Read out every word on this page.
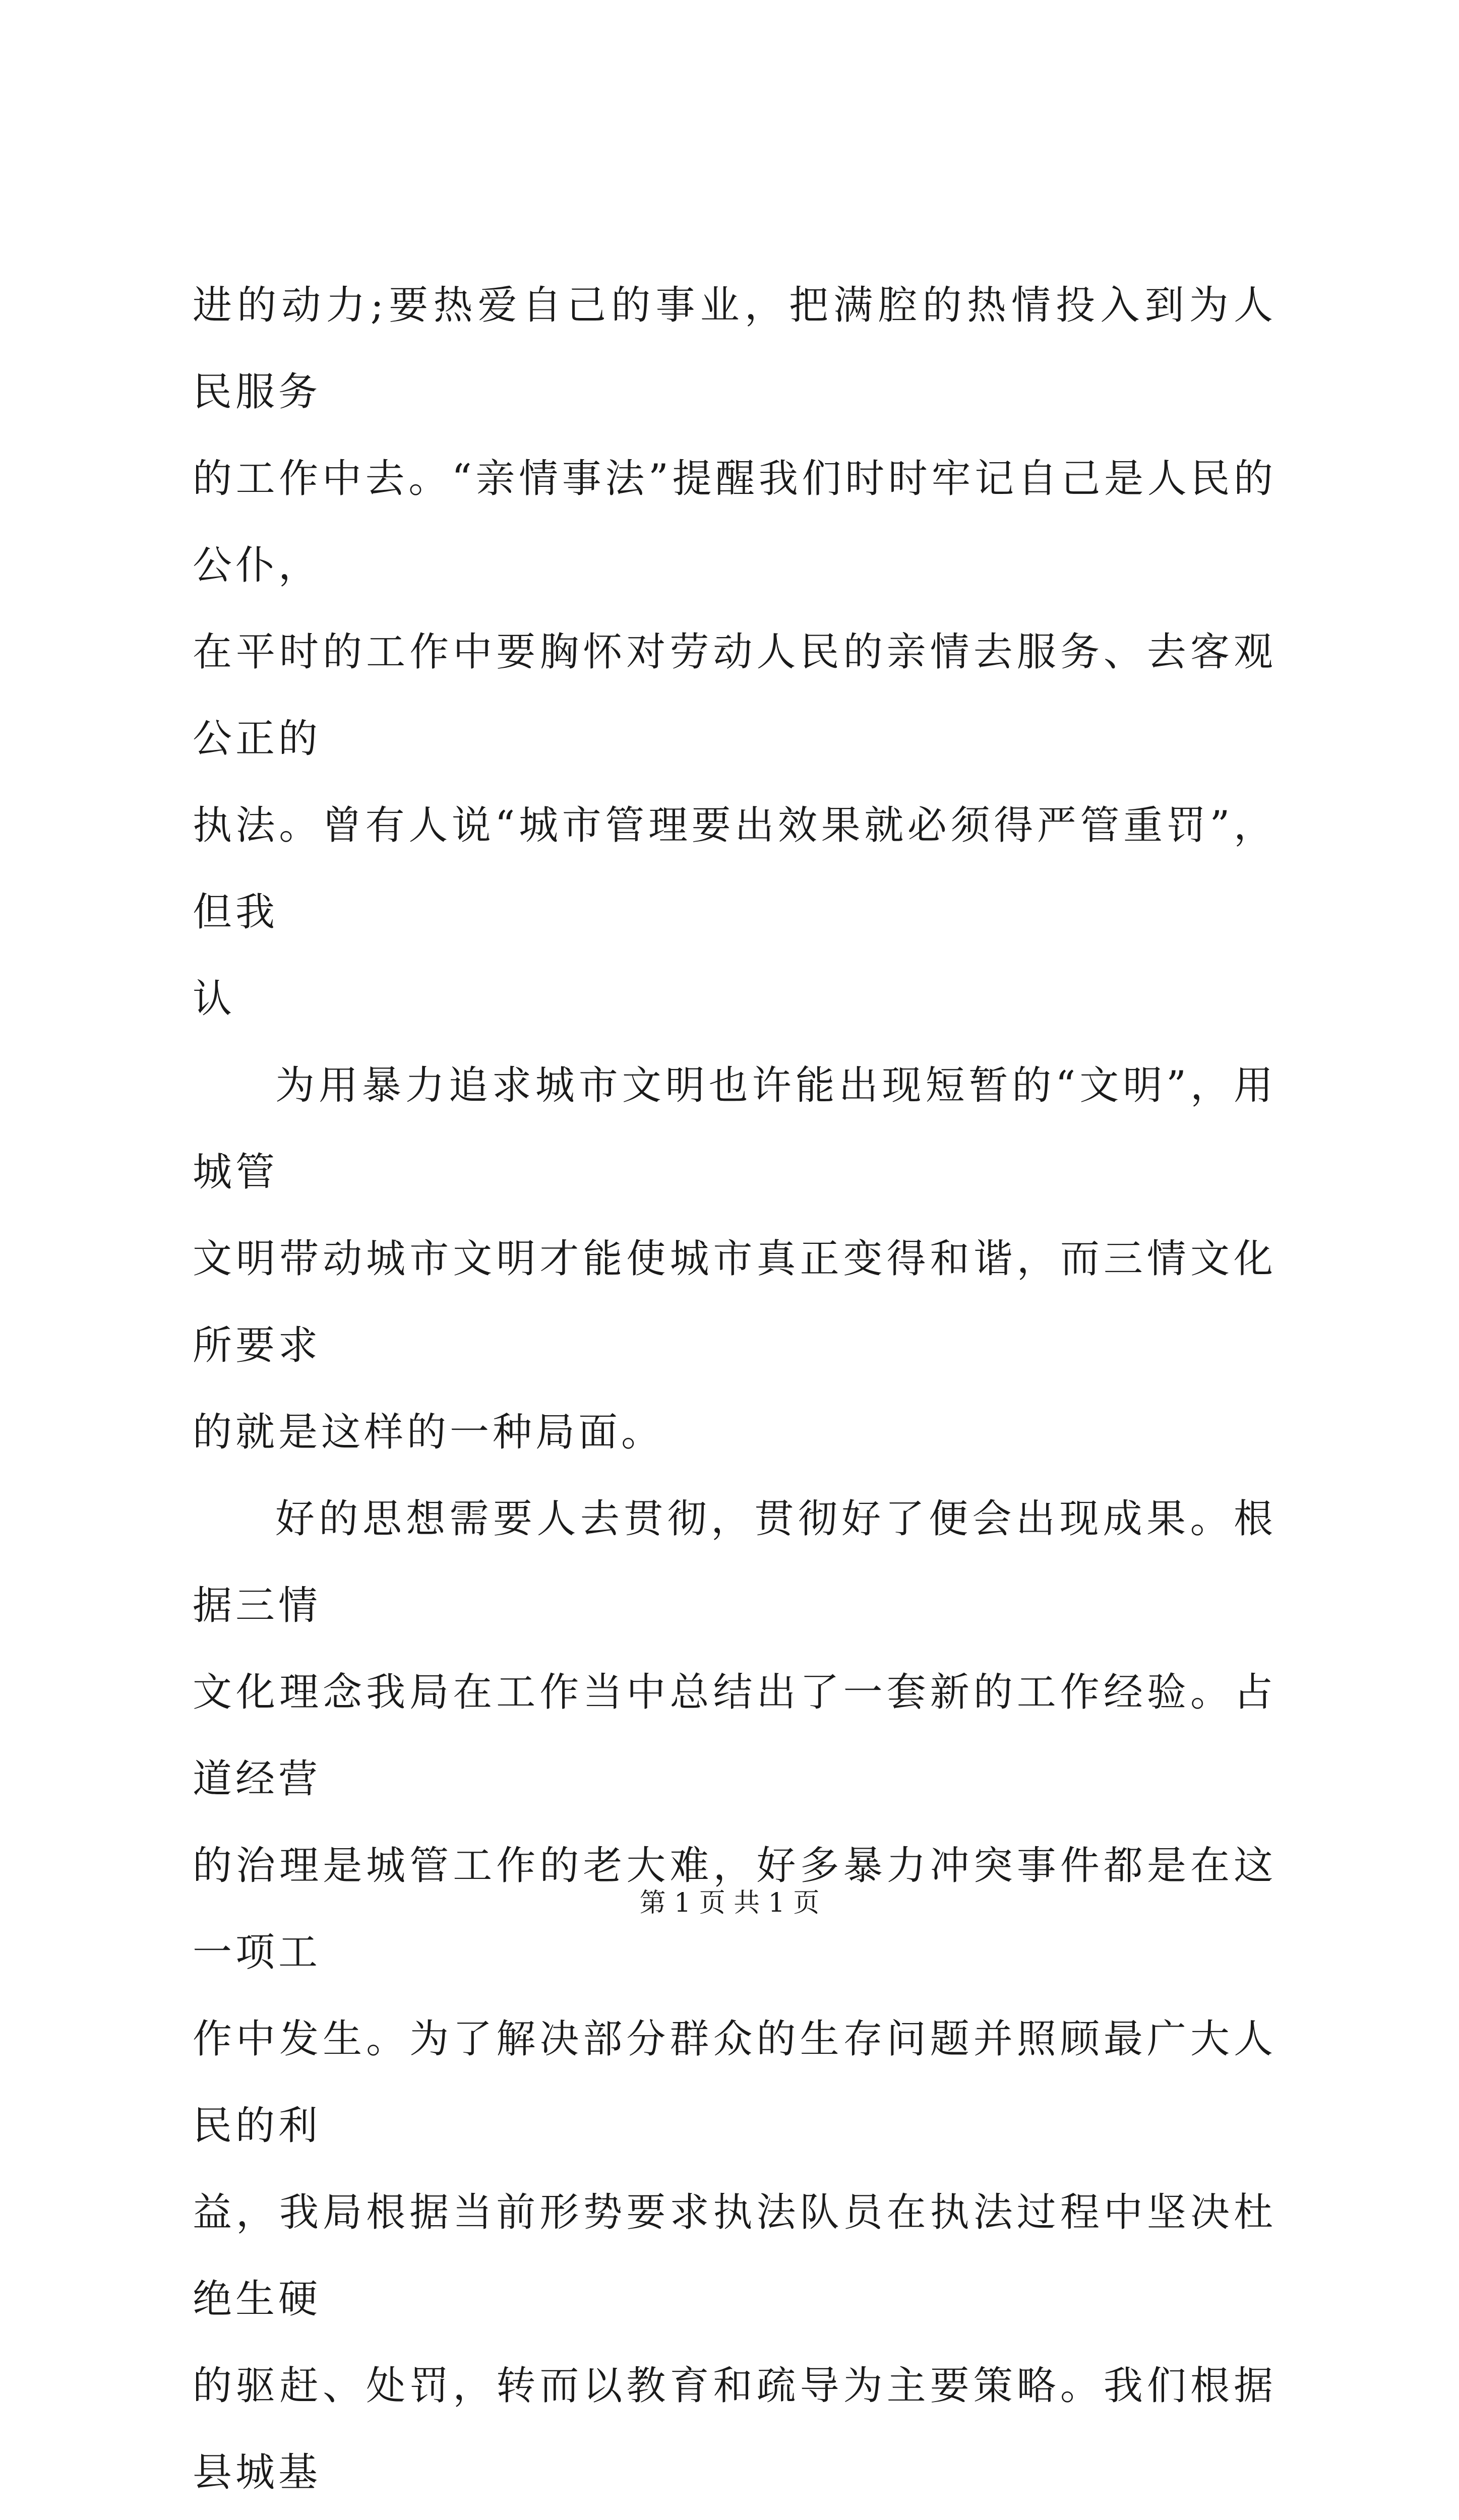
进的动力;要热爱自己的事业，把满腔的热情投入到为人民服务
的工作中去。“亲情事法”提醒我们时时牢记自己是人民的公仆，
在平时的工作中要胸怀对劳动人民的亲情去服务、去客观公正的
执法。曾有人说“城市管理要出效果就必须得严管重罚”，但我
认

为用暴力追求城市文明也许能出现短暂的“文明”，用城管
文明带动城市文明才能使城市真正变得和谐，而三情文化所要求
的就是这样的一种局面。

好的思想需要人去贯彻，贯彻好了便会出现成果。根据三情
文化理念我局在工作当中总结出了一套新的工作经验。占道经营
的治理是城管工作的老大难，好多暴力冲突事件都是在这一项工
作中发生。为了解决部分群众的生存问题并照顾最广大人民的利
益，我局根据当前形势要求执法队员在执法过程中坚决杜绝生硬
的驱赶、处罚，转而以教育和疏导为主要策略。我们根据县城基

第 1 页 共 1 页
